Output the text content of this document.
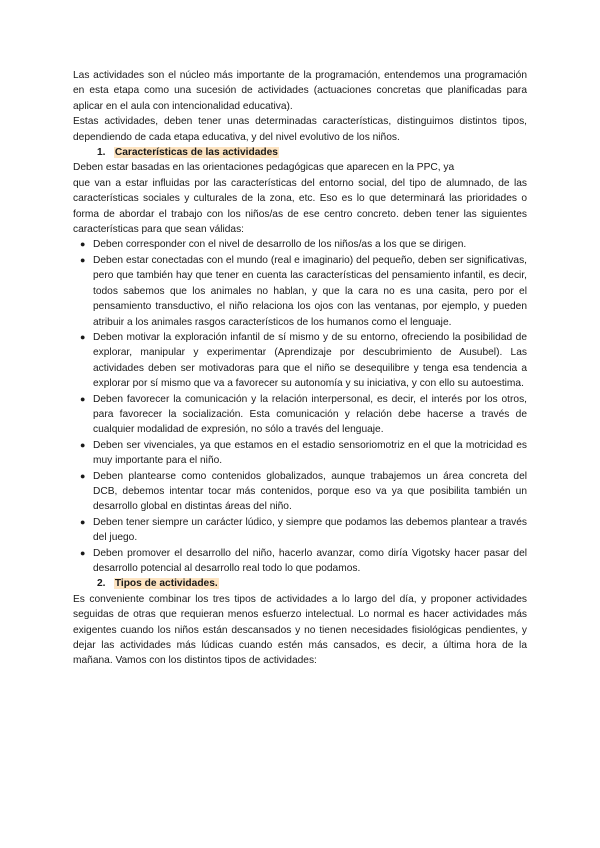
Las actividades son el núcleo más importante de la programación, entendemos una programación en esta etapa como una sucesión de actividades (actuaciones concretas que planificadas para aplicar en el aula con intencionalidad educativa).

Estas actividades, deben tener unas determinadas características, distinguimos distintos tipos, dependiendo de cada etapa educativa, y del nivel evolutivo de los niños.

1. Características de las actividades

Deben estar basadas en las orientaciones pedagógicas que aparecen en la PPC, ya

que van a estar influidas por las características del entorno social, del tipo de alumnado, de las características sociales y culturales de la zona, etc. Eso es lo que determinará las prioridades o forma de abordar el trabajo con los niños/as de ese centro concreto. deben tener las siguientes características para que sean válidas:

● Deben corresponder con el nivel de desarrollo de los niños/as a los que se dirigen.
● Deben estar conectadas con el mundo (real e imaginario) del pequeño, deben ser significativas, pero que también hay que tener en cuenta las características del pensamiento infantil, es decir, todos sabemos que los animales no hablan, y que la cara no es una casita, pero por el pensamiento transductivo, el niño relaciona los ojos con las ventanas, por ejemplo, y pueden atribuir a los animales rasgos característicos de los humanos como el lenguaje.
● Deben motivar la exploración infantil de sí mismo y de su entorno, ofreciendo la posibilidad de explorar, manipular y experimentar (Aprendizaje por descubrimiento de Ausubel). Las actividades deben ser motivadoras para que el niño se desequilibre y tenga esa tendencia a explorar por sí mismo que va a favorecer su autonomía y su iniciativa, y con ello su autoestima.
● Deben favorecer la comunicación y la relación interpersonal, es decir, el interés por los otros, para favorecer la socialización. Esta comunicación y relación debe hacerse a través de cualquier modalidad de expresión, no sólo a través del lenguaje.
● Deben ser vivenciales, ya que estamos en el estadio sensoriomotriz en el que la motricidad es muy importante para el niño.
● Deben plantearse como contenidos globalizados, aunque trabajemos un área concreta del DCB, debemos intentar tocar más contenidos, porque eso va ya que posibilita también un desarrollo global en distintas áreas del niño.
● Deben tener siempre un carácter lúdico, y siempre que podamos las debemos plantear a través del juego.
● Deben promover el desarrollo del niño, hacerlo avanzar, como diría Vigotsky hacer pasar del desarrollo potencial al desarrollo real todo lo que podamos.
2. Tipos de actividades.

Es conveniente combinar los tres tipos de actividades a lo largo del día, y proponer actividades seguidas de otras que requieran menos esfuerzo intelectual. Lo normal es hacer actividades más exigentes cuando los niños están descansados y no tienen necesidades fisiológicas pendientes, y dejar las actividades más lúdicas cuando estén más cansados, es decir, a última hora de la mañana. Vamos con los distintos tipos de actividades:
